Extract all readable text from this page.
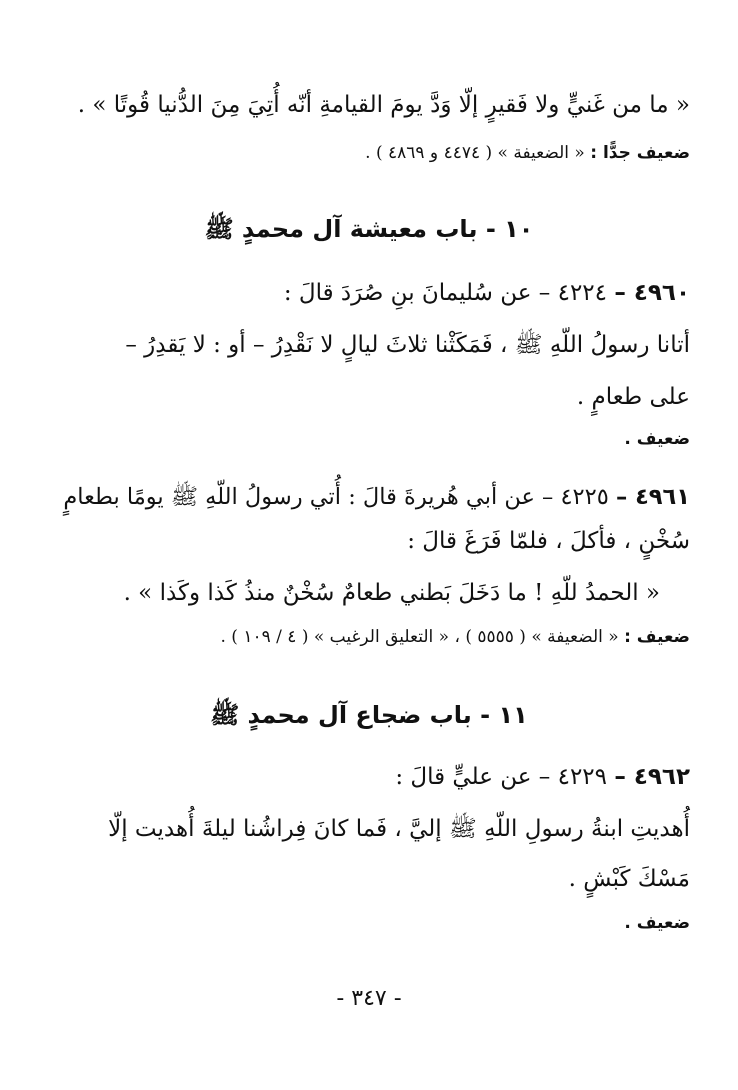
« ما من غَنيٍّ ولا فَقيرٍ إلّا وَدَّ يومَ القيامةِ أنّه أُتِيَ مِنَ الدُّنيا قُوتًا » .
ضعيف جدًّا : « الضعيفة » ( ٤٤٧٤ و ٤٨٦٩ ) .
١٠ - باب معيشة آل محمدٍ ﷺ
٤٩٦٠ – ٤٢٢٤ – عن سُليمانَ بنِ صُرَدَ قالَ :
أتانا رسولُ اللّهِ ﷺ ، فَمَكَثْنا ثلاثَ ليالٍ لا نَقْدِرُ – أو : لا يَقدِرُ –
على طعامٍ .
ضعيف .
٤٩٦١ – ٤٢٢٥ – عن أبي هُريرةَ قالَ : أُتي رسولُ اللّهِ ﷺ يومًا بطعامٍ
سُخْنٍ ، فأكلَ ، فلمّا فَرَغَ قالَ :
« الحمدُ للّهِ ! ما دَخَلَ بَطني طعامٌ سُخْنٌ منذُ كَذا وكَذا » .
ضعيف : « الضعيفة » ( ٥٥٥٥ ) ، « التعليق الرغيب » ( ٤ / ١٠٩ ) .
١١ - باب ضجاع آل محمدٍ ﷺ
٤٩٦٢ – ٤٢٢٩ – عن عليٍّ قالَ :
أُهديتِ ابنةُ رسولِ اللّهِ ﷺ إليَّ ، فَما كانَ فِراشُنا ليلةَ أُهديت إلّا
مَسْكَ كَبْشٍ .
ضعيف .
- ٣٤٧ -
